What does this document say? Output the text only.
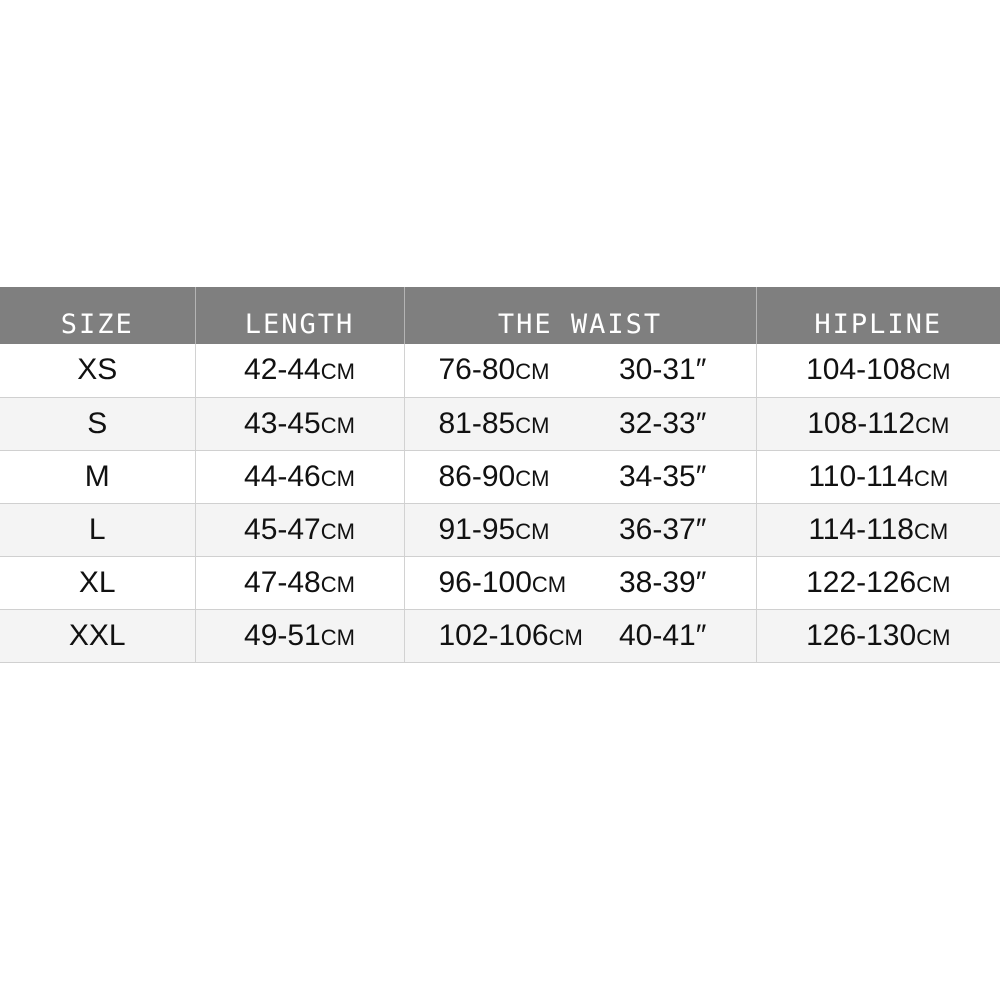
SIZE	LENGTH	THE WAIST		HIPLINE
XS	42-44CM	76-80CM	30-31″	104-108CM
S	43-45CM	81-85CM	32-33″	108-112CM
M	44-46CM	86-90CM	34-35″	110-114CM
L	45-47CM	91-95CM	36-37″	114-118CM
XL	47-48CM	96-100CM	38-39″	122-126CM
XXL	49-51CM	102-106CM	40-41″	126-130CM
